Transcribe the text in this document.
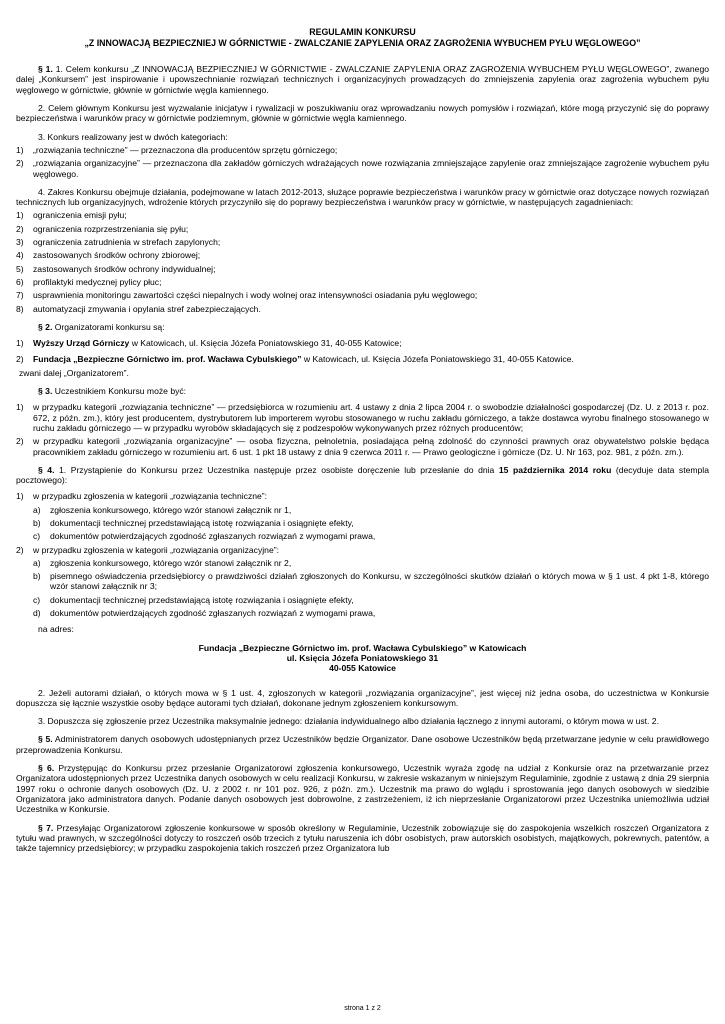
REGULAMIN KONKURSU

„Z INNOWACJĄ BEZPIECZNIEJ W GÓRNICTWIE - ZWALCZANIE ZAPYLENIA ORAZ ZAGROŻENIA WYBUCHEM PYŁU WĘGLOWEGO”

§ 1. 1. Celem konkursu „Z INNOWACJĄ BEZPIECZNIEJ W GÓRNICTWIE - ZWALCZANIE ZAPYLENIA ORAZ ZAGROŻENIA WYBUCHEM PYŁU WĘGLOWEGO”, zwanego dalej „Konkursem” jest inspirowanie i upowszechnianie rozwiązań technicznych i organizacyjnych prowadzących do zmniejszenia zapylenia oraz zagrożenia wybuchem pyłu węglowego w górnictwie, głównie w górnictwie węgla kamiennego.

2. Celem głównym Konkursu jest wyzwalanie inicjatyw i rywalizacji w poszukiwaniu oraz wprowadzaniu nowych pomysłów i rozwiązań, które mogą przyczynić się do poprawy bezpieczeństwa i warunków pracy w górnictwie podziemnym, głównie w górnictwie węgla kamiennego.

3. Konkurs realizowany jest w dwóch kategoriach:

1) „rozwiązania techniczne” — przeznaczona dla producentów sprzętu górniczego;
2) „rozwiązania organizacyjne” — przeznaczona dla zakładów górniczych wdrażających nowe rozwiązania zmniejszające zapylenie oraz zmniejszające zagrożenie wybuchem pyłu węglowego.

4. Zakres Konkursu obejmuje działania, podejmowane w latach 2012-2013, służące poprawie bezpieczeństwa i warunków pracy w górnictwie oraz dotyczące nowych rozwiązań technicznych lub organizacyjnych, wdrożenie których przyczyniło się do poprawy bezpieczeństwa i warunków pracy w górnictwie, w następujących zagadnieniach:

1) ograniczenia emisji pyłu;
2) ograniczenia rozprzestrzeniania się pyłu;
3) ograniczenia zatrudnienia w strefach zapylonych;
4) zastosowanych środków ochrony zbiorowej;
5) zastosowanych środków ochrony indywidualnej;
6) profilaktyki medycznej pylicy płuc;
7) usprawnienia monitoringu zawartości części niepalnych i wody wolnej oraz intensywności osiadania pyłu węglowego;
8) automatyzacji zmywania i opylania stref zabezpieczających.

§ 2. Organizatorami konkursu są:

1) Wyższy Urząd Górniczy w Katowicach, ul. Księcia Józefa Poniatowskiego 31, 40-055 Katowice;
2) Fundacja „Bezpieczne Górnictwo im. prof. Wacława Cybulskiego” w Katowicach, ul. Księcia Józefa Poniatowskiego 31, 40-055 Katowice.

zwani dalej „Organizatorem”.

§ 3. Uczestnikiem Konkursu może być:

1) w przypadku kategorii „rozwiązania techniczne” — przedsiębiorca w rozumieniu art. 4 ustawy z dnia 2 lipca 2004 r. o swobodzie działalności gospodarczej (Dz. U. z 2013 r. poz. 672, z późn. zm.), który jest producentem, dystrybutorem lub importerem wyrobu stosowanego w ruchu zakładu górniczego, a także dostawca wyrobu finalnego stosowanego w ruchu zakładu górniczego — w przypadku wyrobów składających się z podzespołów wykonywanych przez różnych producentów;
2) w przypadku kategorii „rozwiązania organizacyjne” — osoba fizyczna, pełnoletnia, posiadająca pełną zdolność do czynności prawnych oraz obywatelstwo polskie będąca pracownikiem zakładu górniczego w rozumieniu art. 6 ust. 1 pkt 18 ustawy z dnia 9 czerwca 2011 r. — Prawo geologiczne i górnicze (Dz. U. Nr 163, poz. 981, z późn. zm.).

§ 4. 1. Przystąpienie do Konkursu przez Uczestnika następuje przez osobiste doręczenie lub przesłanie do dnia 15 października 2014 roku (decyduje data stempla pocztowego):

1) w przypadku zgłoszenia w kategorii „rozwiązania techniczne”:
a) zgłoszenia konkursowego, którego wzór stanowi załącznik nr 1,
b) dokumentacji technicznej przedstawiającą istotę rozwiązania i osiągnięte efekty,
c) dokumentów potwierdzających zgodność zgłaszanych rozwiązań z wymogami prawa,
2) w przypadku zgłoszenia w kategorii „rozwiązania organizacyjne”:
a) zgłoszenia konkursowego, którego wzór stanowi załącznik nr 2,
b) pisemnego oświadczenia przedsiębiorcy o prawdziwości działań zgłoszonych do Konkursu, w szczególności skutków działań o których mowa w § 1 ust. 4 pkt 1-8, którego wzór stanowi załącznik nr 3;
c) dokumentacji technicznej przedstawiającą istotę rozwiązania i osiągnięte efekty,
d) dokumentów potwierdzających zgodność zgłaszanych rozwiązań z wymogami prawa,

na adres:

Fundacja „Bezpieczne Górnictwo im. prof. Wacława Cybulskiego” w Katowicach

ul. Księcia Józefa Poniatowskiego 31

40-055 Katowice

2. Jeżeli autorami działań, o których mowa w § 1 ust. 4, zgłoszonych w kategorii „rozwiązania organizacyjne”, jest więcej niż jedna osoba, do uczestnictwa w Konkursie dopuszcza się łącznie wszystkie osoby będące autorami tych działań, dokonane jednym zgłoszeniem konkursowym.

3. Dopuszcza się zgłoszenie przez Uczestnika maksymalnie jednego: działania indywidualnego albo działania łącznego z innymi autorami, o którym mowa w ust. 2.

§ 5. Administratorem danych osobowych udostępnianych przez Uczestników będzie Organizator. Dane osobowe Uczestników będą przetwarzane jedynie w celu prawidłowego przeprowadzenia Konkursu.

§ 6. Przystępując do Konkursu przez przesłanie Organizatorowi zgłoszenia konkursowego, Uczestnik wyraża zgodę na udział z Konkursie oraz na przetwarzanie przez Organizatora udostępnionych przez Uczestnika danych osobowych w celu realizacji Konkursu, w zakresie wskazanym w niniejszym Regulaminie, zgodnie z ustawą z dnia 29 sierpnia 1997 roku o ochronie danych osobowych (Dz. U. z 2002 r. nr 101 poz. 926, z późn. zm.). Uczestnik ma prawo do wglądu i sprostowania jego danych osobowych w siedzibie Organizatora jako administratora danych. Podanie danych osobowych jest dobrowolne, z zastrzeżeniem, iż ich nieprzesłanie Organizatorowi przez Uczestnika uniemożliwia udział Uczestnika w Konkursie.

§ 7. Przesyłając Organizatorowi zgłoszenie konkursowe w sposób określony w Regulaminie, Uczestnik zobowiązuje się do zaspokojenia wszelkich roszczeń Organizatora z tytułu wad prawnych, w szczególności dotyczy to roszczeń osób trzecich z tytułu naruszenia ich dóbr osobistych, praw autorskich osobistych, majątkowych, pokrewnych, patentów, a także tajemnicy przedsiębiorcy; w przypadku zaspokojenia takich roszczeń przez Organizatora lub

strona 1 z 2
